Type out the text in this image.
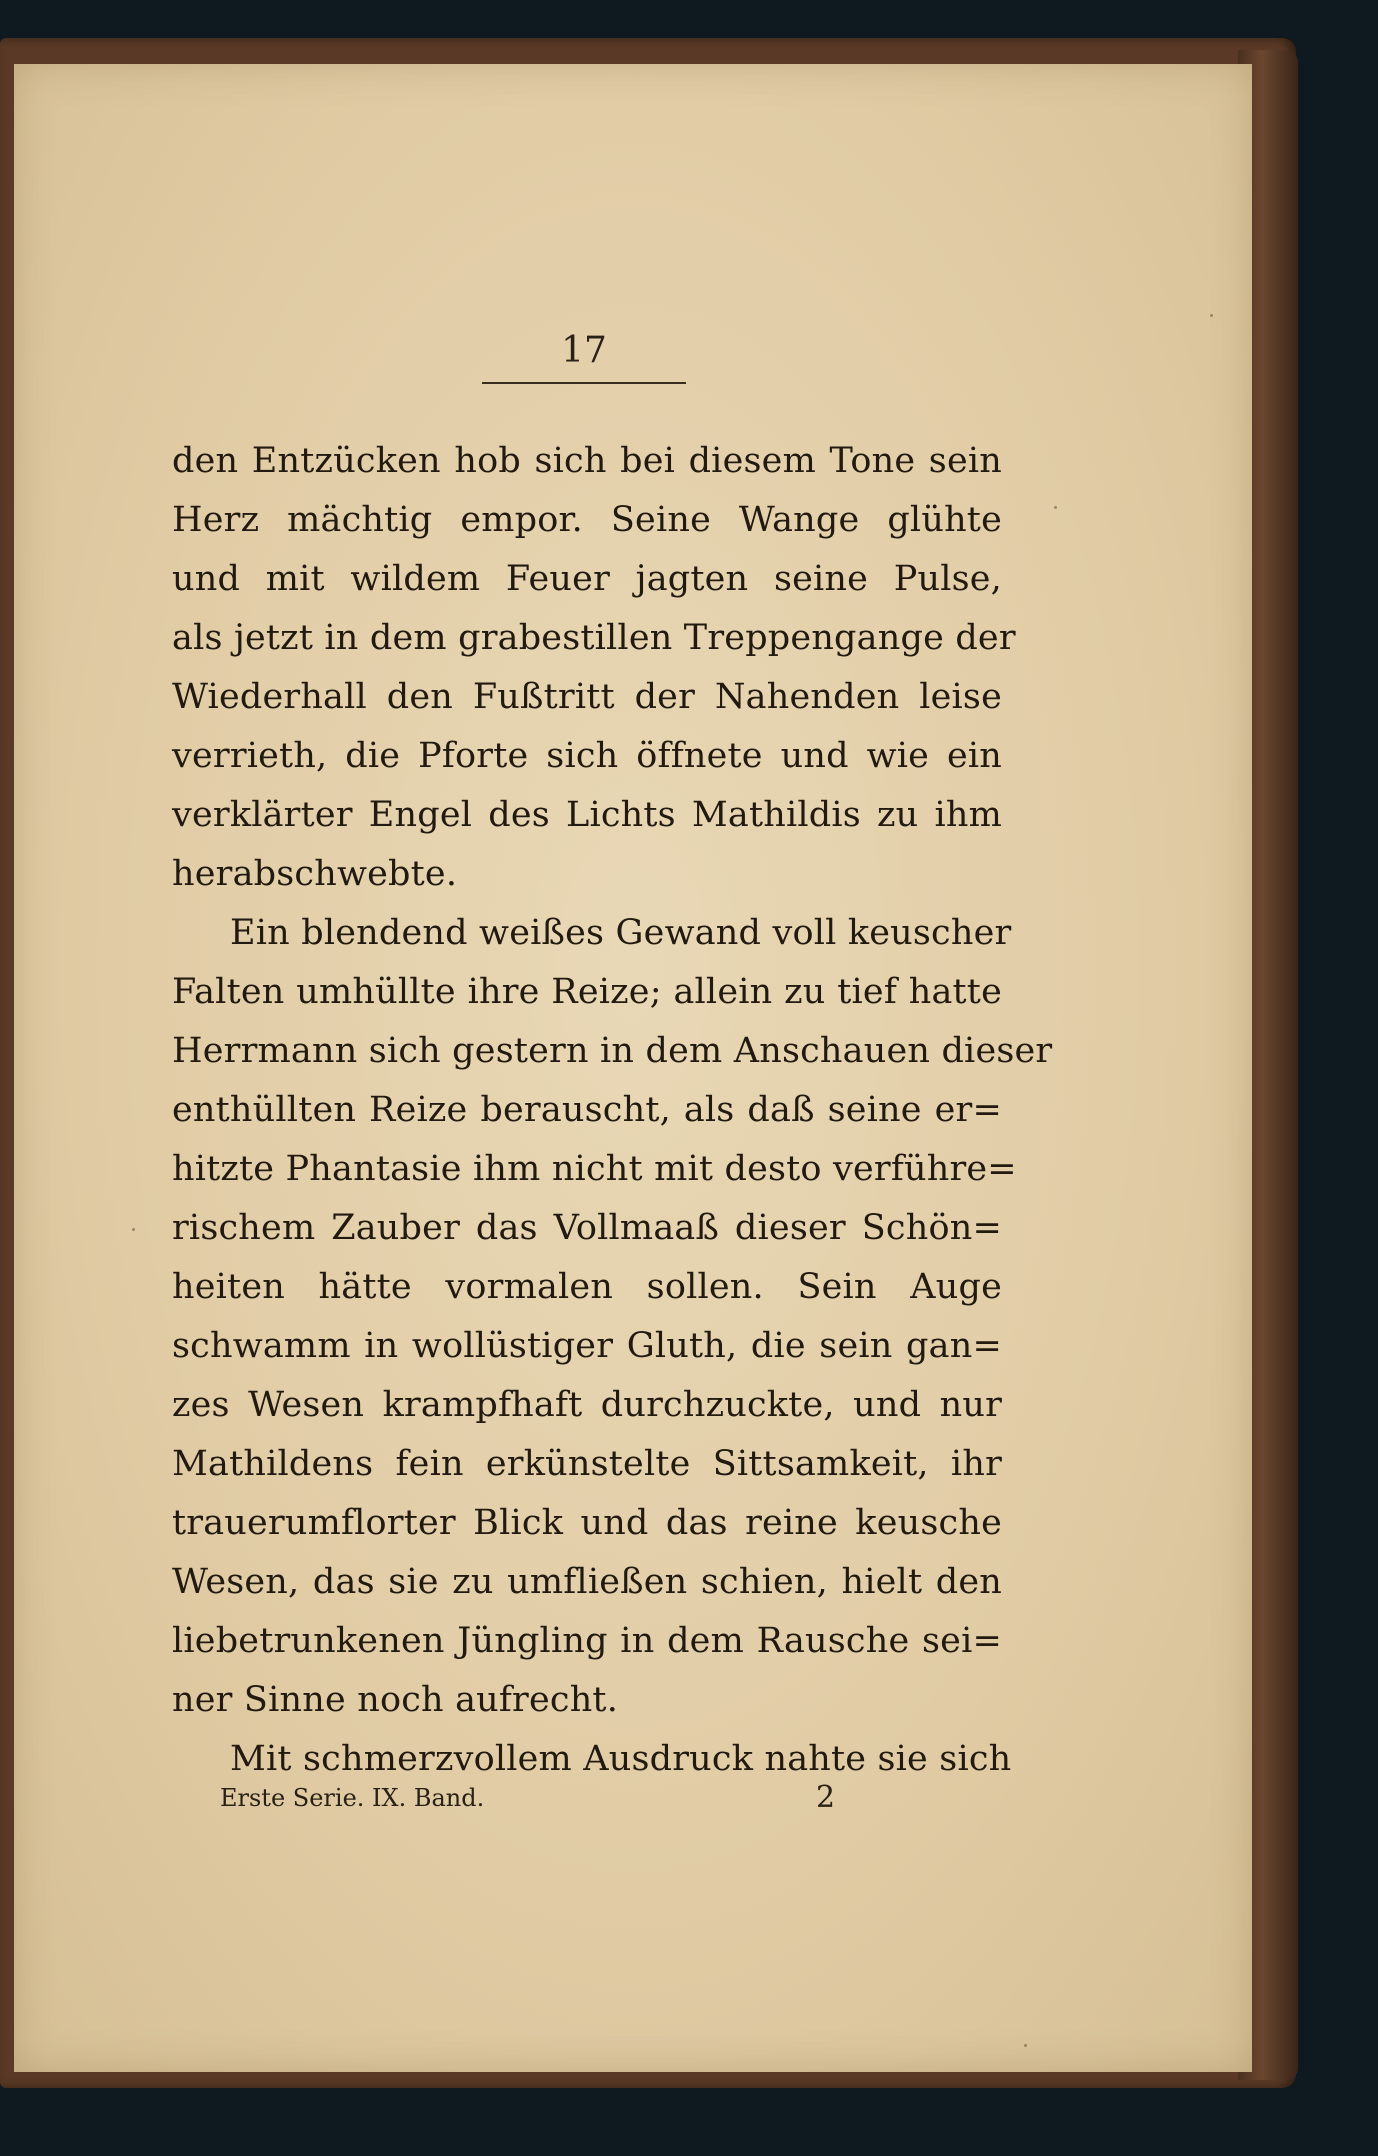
17
den Entzücken hob sich bei diesem Tone sein
Herz mächtig empor. Seine Wange glühte
und mit wildem Feuer jagten seine Pulse,
als jetzt in dem grabestillen Treppengange der
Wiederhall den Fußtritt der Nahenden leise
verrieth, die Pforte sich öffnete und wie ein
verklärter Engel des Lichts Mathildis zu ihm
herabschwebte.
Ein blendend weißes Gewand voll keuscher
Falten umhüllte ihre Reize; allein zu tief hatte
Herrmann sich gestern in dem Anschauen dieser
enthüllten Reize berauscht, als daß seine er=
hitzte Phantasie ihm nicht mit desto verführe=
rischem Zauber das Vollmaaß dieser Schön=
heiten hätte vormalen sollen. Sein Auge
schwamm in wollüstiger Gluth, die sein gan=
zes Wesen krampfhaft durchzuckte, und nur
Mathildens fein erkünstelte Sittsamkeit, ihr
trauerumflorter Blick und das reine keusche
Wesen, das sie zu umfließen schien, hielt den
liebetrunkenen Jüngling in dem Rausche sei=
ner Sinne noch aufrecht.
Mit schmerzvollem Ausdruck nahte sie sich
Erste Serie. IX. Band.	2
